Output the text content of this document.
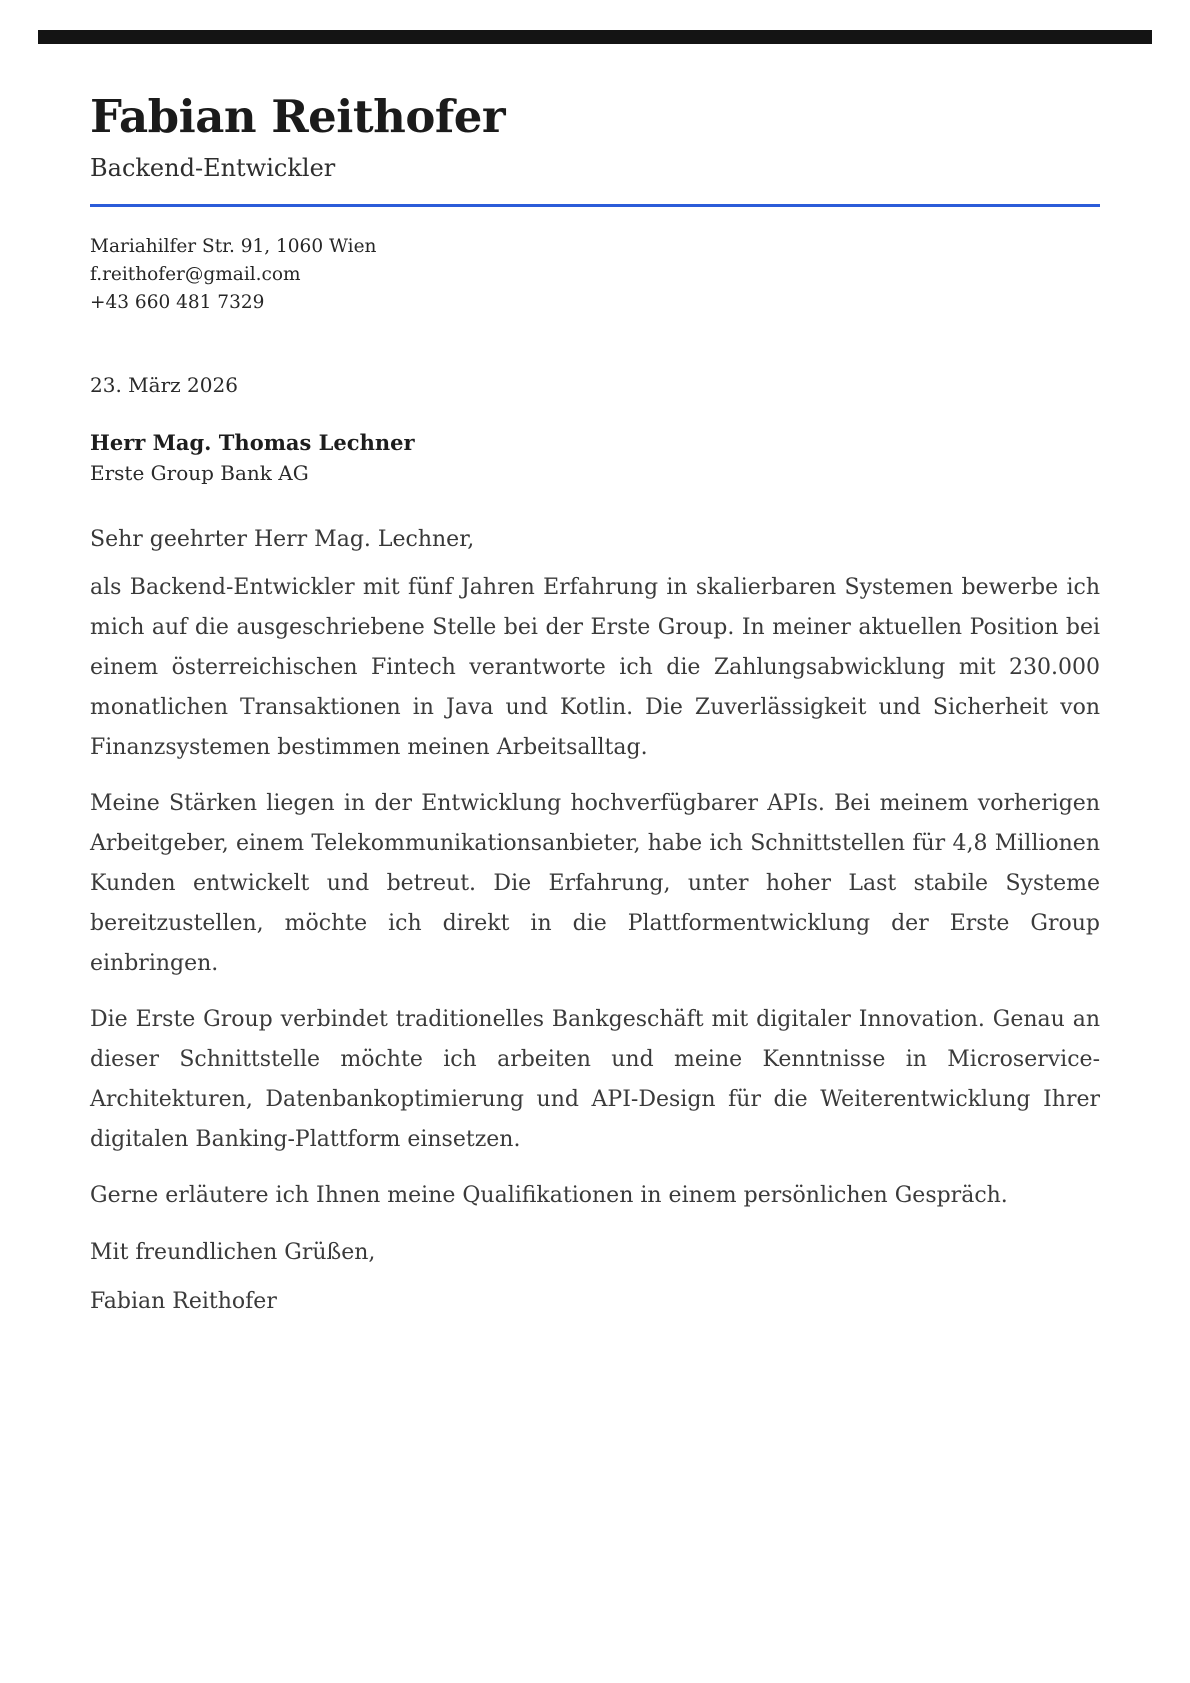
Fabian Reithofer
Backend-Entwickler
Mariahilfer Str. 91, 1060 Wien
f.reithofer@gmail.com
+43 660 481 7329
23. März 2026
Herr Mag. Thomas Lechner
Erste Group Bank AG
Sehr geehrter Herr Mag. Lechner,

als Backend-Entwickler mit fünf Jahren Erfahrung in skalierbaren Systemen bewerbe ich mich auf die ausgeschriebene Stelle bei der Erste Group. In meiner aktuellen Position bei einem österreichischen Fintech verantworte ich die Zahlungsabwicklung mit 230.000 monatlichen Transaktionen in Java und Kotlin. Die Zuverlässigkeit und Sicherheit von Finanzsystemen bestimmen meinen Arbeitsalltag.

Meine Stärken liegen in der Entwicklung hochverfügbarer APIs. Bei meinem vorherigen Arbeitgeber, einem Telekommunikationsanbieter, habe ich Schnittstellen für 4,8 Millionen Kunden entwickelt und betreut. Die Erfahrung, unter hoher Last stabile Systeme bereitzustellen, möchte ich direkt in die Plattformentwicklung der Erste Group einbringen.

Die Erste Group verbindet traditionelles Bankgeschäft mit digitaler Innovation. Genau an dieser Schnittstelle möchte ich arbeiten und meine Kenntnisse in Microservice-Architekturen, Datenbankoptimierung und API-Design für die Weiterentwicklung Ihrer digitalen Banking-Plattform einsetzen.

Gerne erläutere ich Ihnen meine Qualifikationen in einem persönlichen Gespräch.

Mit freundlichen Grüßen,
Fabian Reithofer
